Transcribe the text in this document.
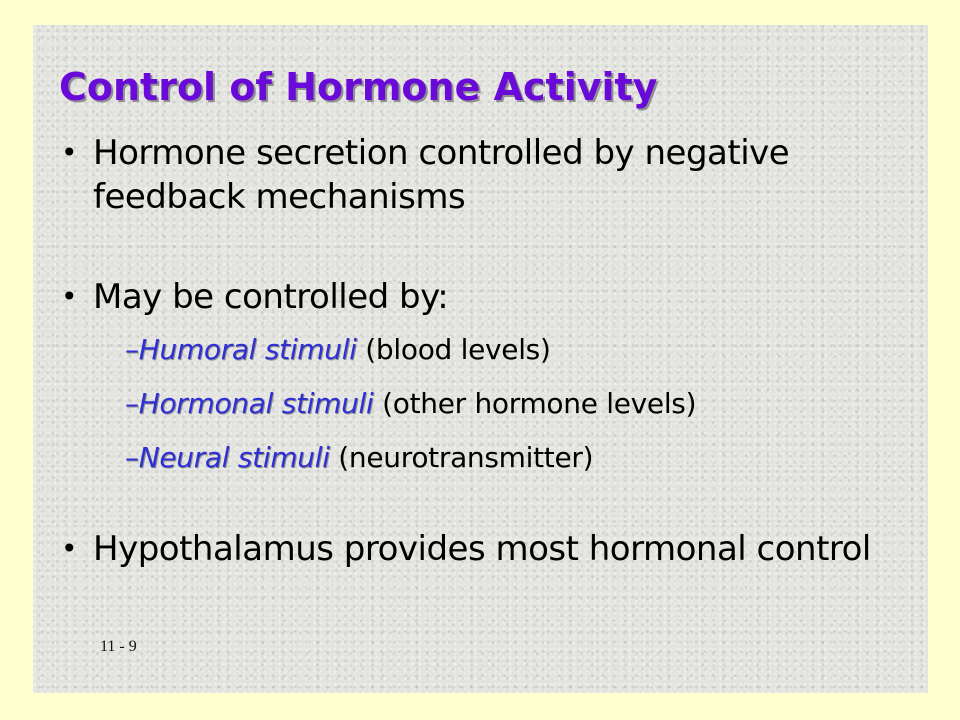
Control of Hormone Activity
• Hormone secretion controlled by negative feedback mechanisms
• May be controlled by:
–Humoral stimuli (blood levels)
–Hormonal stimuli (other hormone levels)
–Neural stimuli (neurotransmitter)
• Hypothalamus provides most hormonal control
11 - 9
